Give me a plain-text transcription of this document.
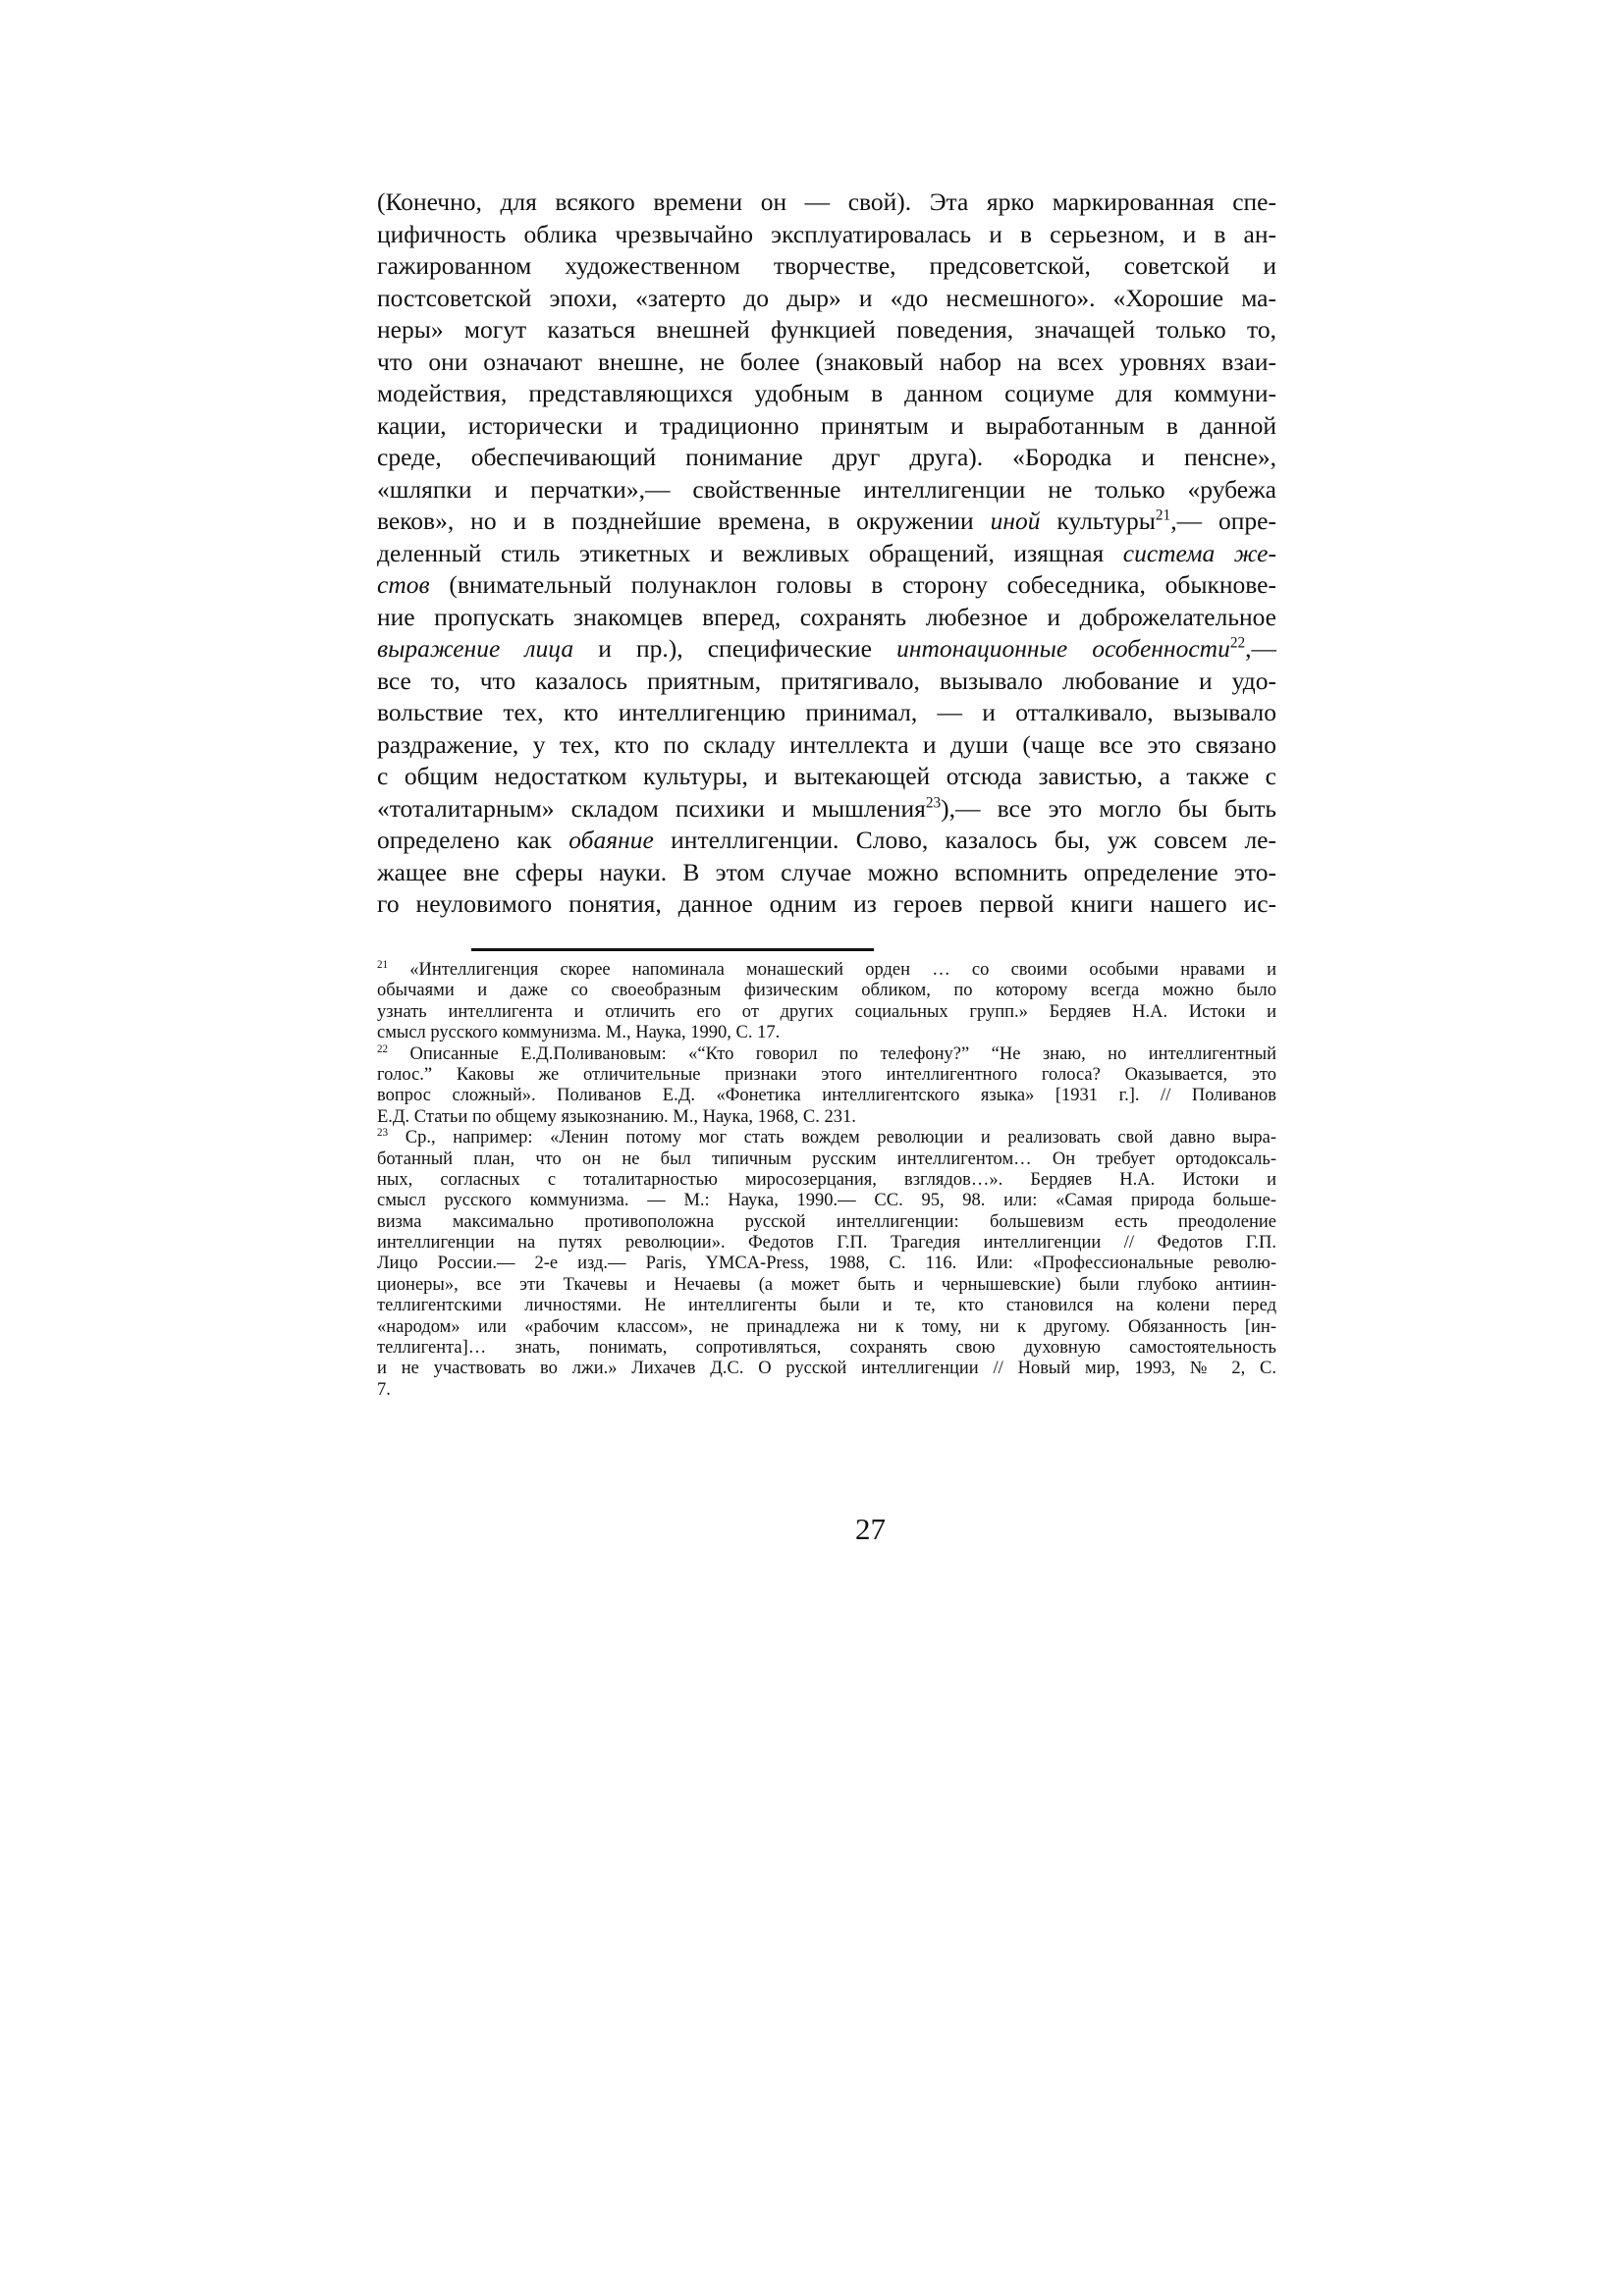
(Конечно, для всякого времени он — свой). Эта ярко маркированная спе-
цифичность облика чрезвычайно эксплуатировалась и в серьезном, и в ан-
гажированном художественном творчестве, предсоветской, советской и
постсоветской эпохи, «затерто до дыр» и «до несмешного». «Хорошие ма-
неры» могут казаться внешней функцией поведения, значащей только то,
что они означают внешне, не более (знаковый набор на всех уровнях взаи-
модействия, представляющихся удобным в данном социуме для коммуни-
кации, исторически и традиционно принятым и выработанным в данной
среде, обеспечивающий понимание друг друга). «Бородка и пенсне»,
«шляпки и перчатки»,— свойственные интеллигенции не только «рубежа
веков», но и в позднейшие времена, в окружении иной культуры$^{21}$,— опре-
деленный стиль этикетных и вежливых обращений, изящная система же-
стов (внимательный полунаклон головы в сторону собеседника, обыкнове-
ние пропускать знакомцев вперед, сохранять любезное и доброжелательное
выражение лица и пр.), специфические интонационные особенности$^{22}$,—
все то, что казалось приятным, притягивало, вызывало любование и удо-
вольствие тех, кто интеллигенцию принимал, — и отталкивало, вызывало
раздражение, у тех, кто по складу интеллекта и души (чаще все это связано
с общим недостатком культуры, и вытекающей отсюда завистью, а также с
«тоталитарным» складом психики и мышления$^{23}$),— все это могло бы быть
определено как обаяние интеллигенции. Слово, казалось бы, уж совсем ле-
жащее вне сферы науки. В этом случае можно вспомнить определение это-
го неуловимого понятия, данное одним из героев первой книги нашего ис-
$^{21}$ «Интеллигенция скорее напоминала монашеский орден … со своими особыми нравами и
обычаями и даже со своеобразным физическим обликом, по которому всегда можно было
узнать интеллигента и отличить его от других социальных групп.» Бердяев Н.А. Истоки и
смысл русского коммунизма. М., Наука, 1990, С. 17.
$^{22}$ Описанные Е.Д.Поливановым: «“Кто говорил по телефону?” “Не знаю, но интеллигентный
голос.” Каковы же отличительные признаки этого интеллигентного голоса? Оказывается, это
вопрос сложный». Поливанов Е.Д. «Фонетика интеллигентского языка» [1931 г.]. // Поливанов
Е.Д. Статьи по общему языкознанию. М., Наука, 1968, С. 231.
$^{23}$ Ср., например: «Ленин потому мог стать вождем революции и реализовать свой давно выра-
ботанный план, что он не был типичным русским интеллигентом… Он требует ортодоксаль-
ных, согласных с тоталитарностью миросозерцания, взглядов…». Бердяев Н.А. Истоки и
смысл русского коммунизма. — М.: Наука, 1990.— СС. 95, 98. или: «Самая природа больше-
визма максимально противоположна русской интеллигенции: большевизм есть преодоление
интеллигенции на путях революции». Федотов Г.П. Трагедия интеллигенции // Федотов Г.П.
Лицо России.— 2-е изд.— Paris, YMCA-Press, 1988, С. 116. Или: «Профессиональные револю-
ционеры», все эти Ткачевы и Нечаевы (а может быть и чернышевские) были глубоко антиин-
теллигентскими личностями. Не интеллигенты были и те, кто становился на колени перед
«народом» или «рабочим классом», не принадлежа ни к тому, ни к другому. Обязанность [ин-
теллигента]… знать, понимать, сопротивляться, сохранять свою духовную самостоятельность
и не участвовать во лжи.» Лихачев Д.С. О русской интеллигенции // Новый мир, 1993, № 2, С.
7.
27
